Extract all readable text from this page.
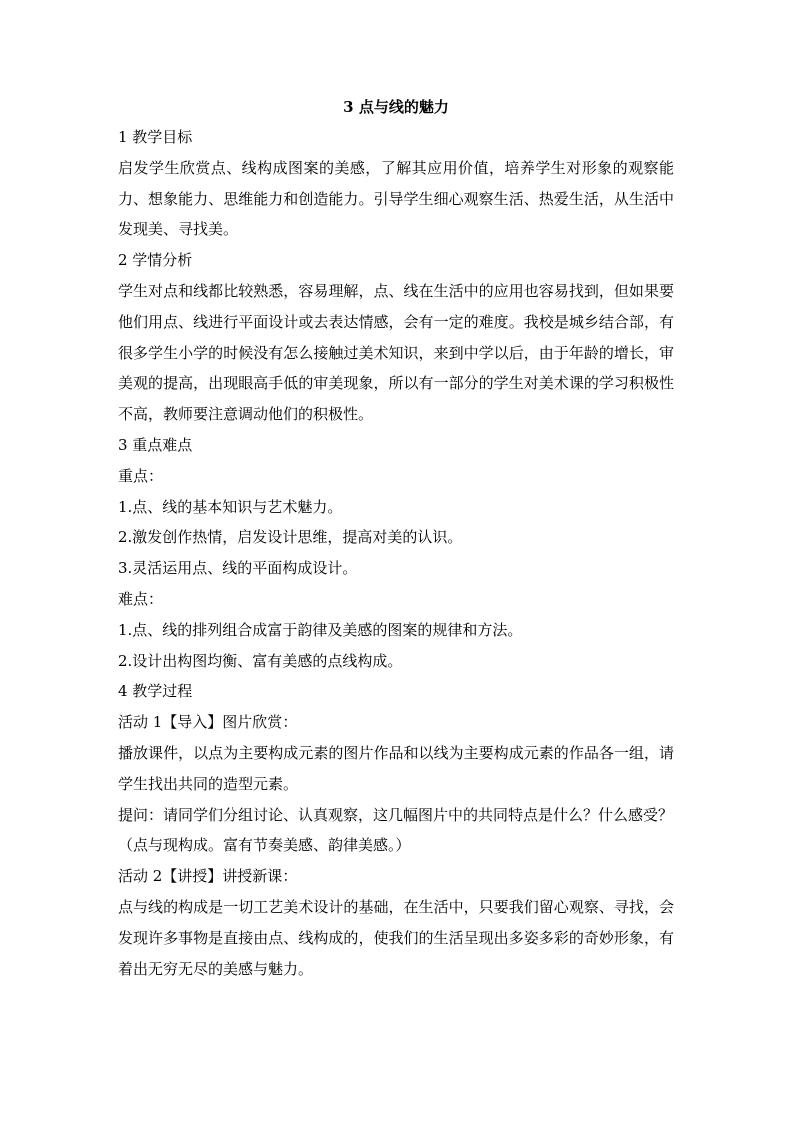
3 点与线的魅力

1 教学目标

启发学生欣赏点、线构成图案的美感，了解其应用价值，培养学生对形象的观察能力、想象能力、思维能力和创造能力。引导学生细心观察生活、热爱生活，从生活中发现美、寻找美。

2 学情分析

学生对点和线都比较熟悉，容易理解，点、线在生活中的应用也容易找到，但如果要他们用点、线进行平面设计或去表达情感，会有一定的难度。我校是城乡结合部，有很多学生小学的时候没有怎么接触过美术知识，来到中学以后，由于年龄的增长，审美观的提高，出现眼高手低的审美现象，所以有一部分的学生对美术课的学习积极性不高，教师要注意调动他们的积极性。

3 重点难点

重点：

1.点、线的基本知识与艺术魅力。

2.激发创作热情，启发设计思维，提高对美的认识。

3.灵活运用点、线的平面构成设计。

难点：

1.点、线的排列组合成富于韵律及美感的图案的规律和方法。

2.设计出构图均衡、富有美感的点线构成。

4 教学过程

活动 1【导入】图片欣赏：

播放课件，以点为主要构成元素的图片作品和以线为主要构成元素的作品各一组，请学生找出共同的造型元素。

提问：请同学们分组讨论、认真观察，这几幅图片中的共同特点是什么？什么感受？

（点与现构成。富有节奏美感、韵律美感。）

活动 2【讲授】讲授新课：

点与线的构成是一切工艺美术设计的基础，在生活中，只要我们留心观察、寻找，会发现许多事物是直接由点、线构成的，使我们的生活呈现出多姿多彩的奇妙形象，有着出无穷无尽的美感与魅力。
